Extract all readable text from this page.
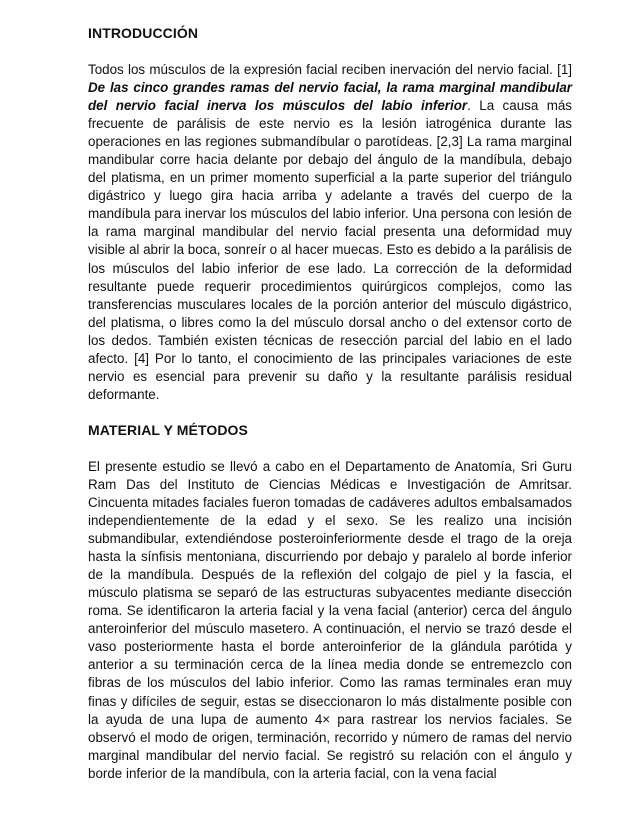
INTRODUCCIÓN

Todos los músculos de la expresión facial reciben inervación del nervio facial. [1] De las cinco grandes ramas del nervio facial, la rama marginal mandibular del nervio facial inerva los músculos del labio inferior. La causa más frecuente de parálisis de este nervio es la lesión iatrogénica durante las operaciones en las regiones submandíbular o parotídeas. [2,3] La rama marginal mandibular corre hacia delante por debajo del ángulo de la mandíbula, debajo del platisma, en un primer momento superficial a la parte superior del triángulo digástrico y luego gira hacia arriba y adelante a través del cuerpo de la mandíbula para inervar los músculos del labio inferior. Una persona con lesión de la rama marginal mandibular del nervio facial presenta una deformidad muy visible al abrir la boca, sonreír o al hacer muecas. Esto es debido a la parálisis de los músculos del labio inferior de ese lado. La corrección de la deformidad resultante puede requerir procedimientos quirúrgicos complejos, como las transferencias musculares locales de la porción anterior del músculo digástrico, del platisma, o libres como la del músculo dorsal ancho o del extensor corto de los dedos. También existen técnicas de resección parcial del labio en el lado afecto. [4] Por lo tanto, el conocimiento de las principales variaciones de este nervio es esencial para prevenir su daño y la resultante parálisis residual deformante.

MATERIAL Y MÉTODOS

El presente estudio se llevó a cabo en el Departamento de Anatomía, Sri Guru Ram Das del Instituto de Ciencias Médicas e Investigación de Amritsar. Cincuenta mitades faciales fueron tomadas de cadáveres adultos embalsamados independientemente de la edad y el sexo. Se les realizo una incisión submandibular, extendiéndose posteroinferiormente desde el trago de la oreja hasta la sínfisis mentoniana, discurriendo por debajo y paralelo al borde inferior de la mandíbula. Después de la reflexión del colgajo de piel y la fascia, el músculo platisma se separó de las estructuras subyacentes mediante disección roma. Se identificaron la arteria facial y la vena facial (anterior) cerca del ángulo anteroinferior del músculo masetero. A continuación, el nervio se trazó desde el vaso posteriormente hasta el borde anteroinferior de la glándula parótida y anterior a su terminación cerca de la línea media donde se entremezclo con fibras de los músculos del labio inferior. Como las ramas terminales eran muy finas y difíciles de seguir, estas se diseccionaron lo más distalmente posible con la ayuda de una lupa de aumento 4× para rastrear los nervios faciales. Se observó el modo de origen, terminación, recorrido y número de ramas del nervio marginal mandibular del nervio facial. Se registró su relación con el ángulo y borde inferior de la mandíbula, con la arteria facial, con la vena facial
